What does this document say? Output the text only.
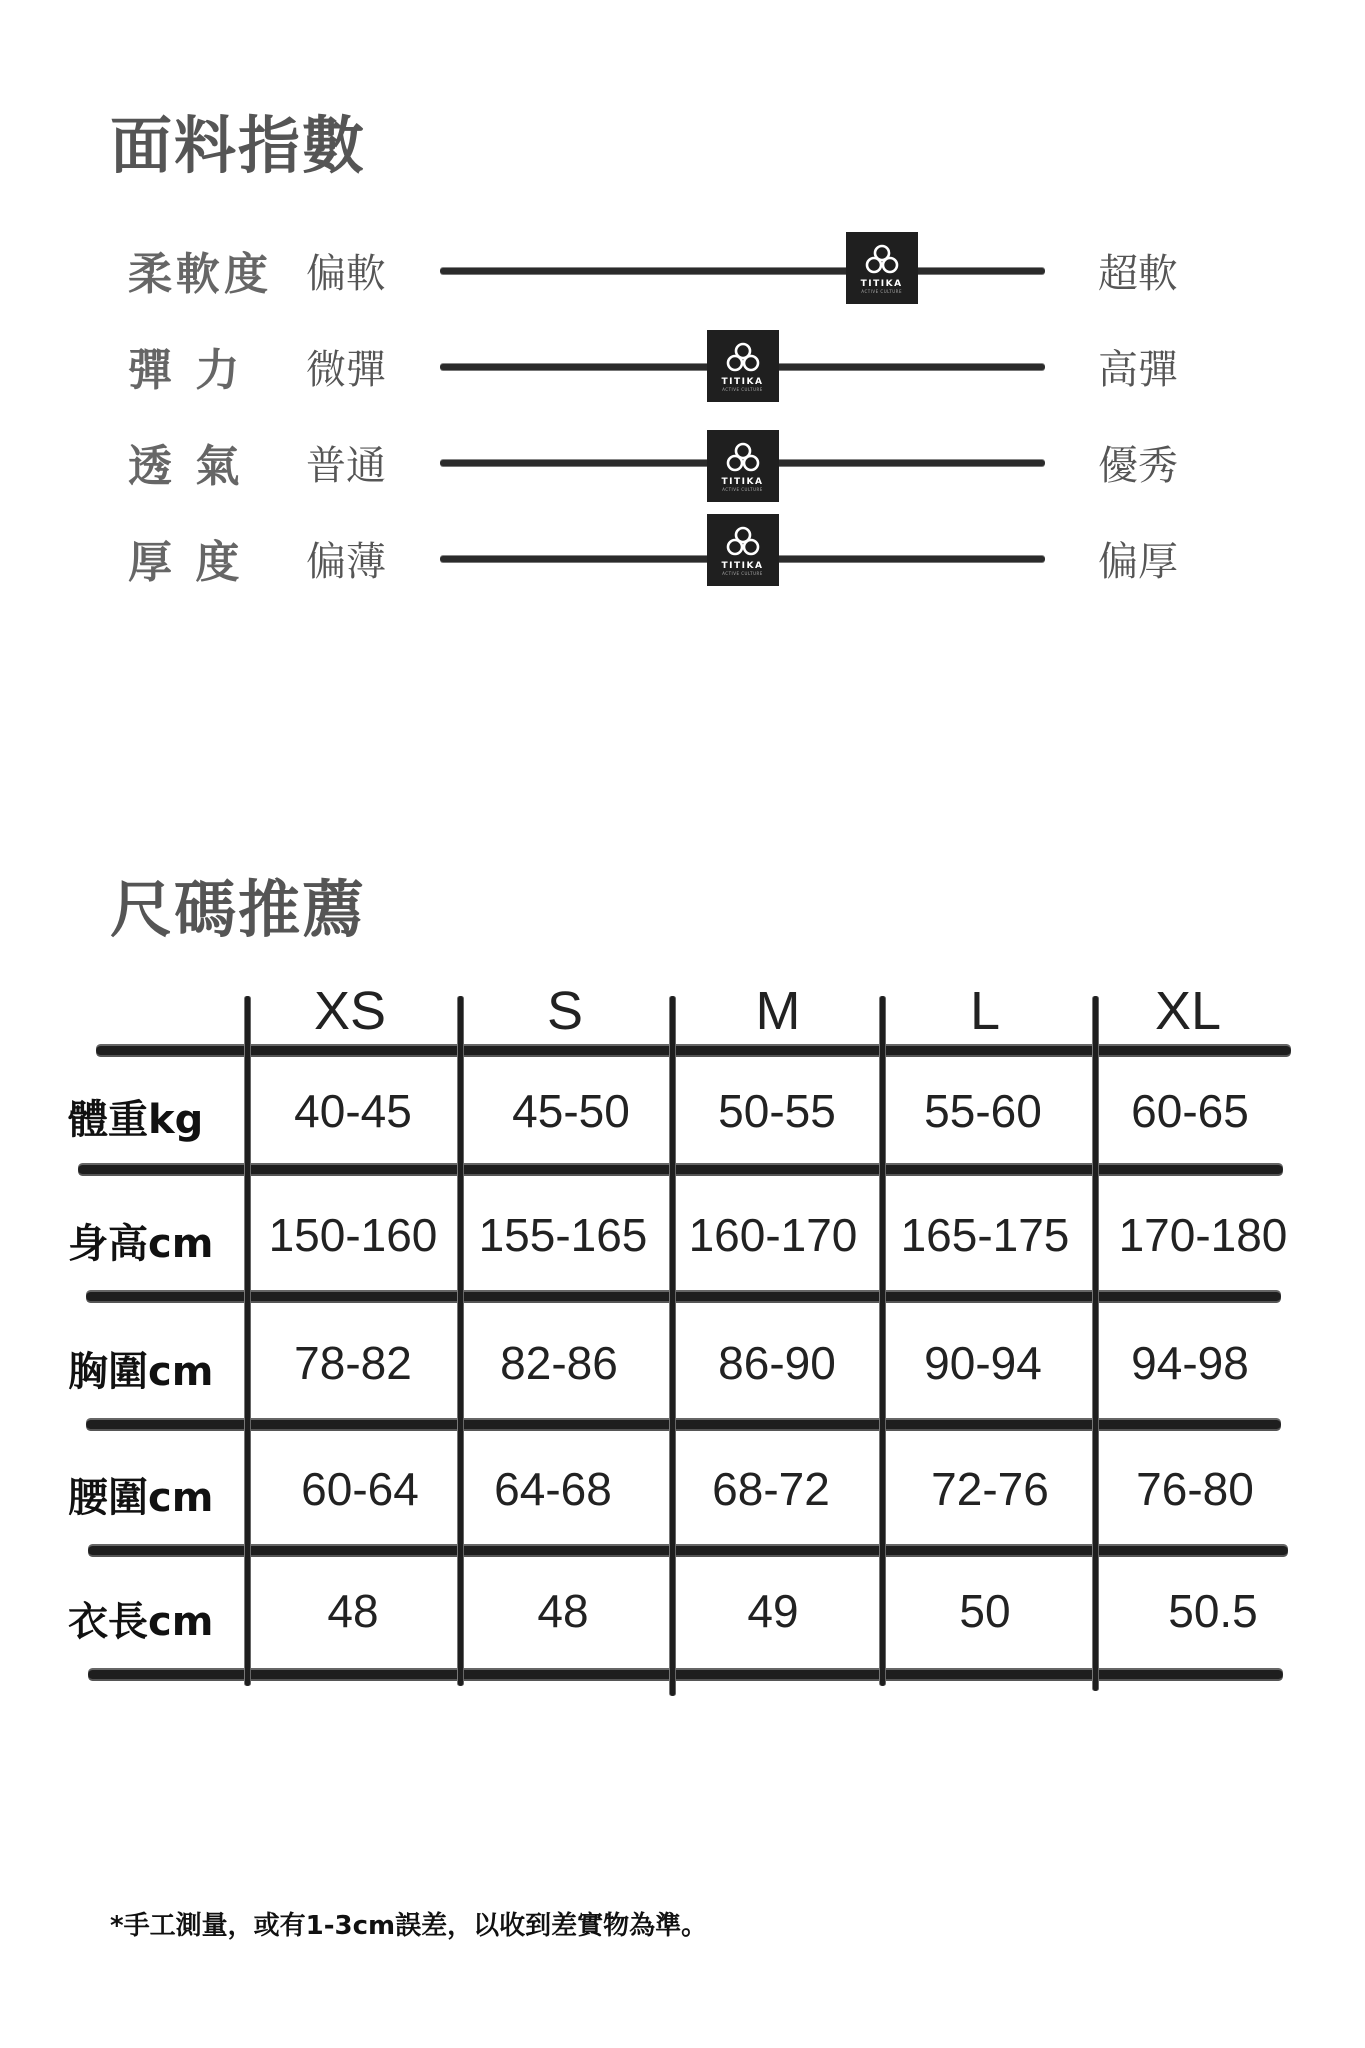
面料指數
柔軟度 偏軟	TITIKA
ACTIVE CULTURE	超軟
彈 力	微彈	TITIKA
ACTIVE CULTURE	高彈
透 氣	普通	TITIKA
ACTIVE CULTURE	優秀
厚 度	偏薄	TITIKA
ACTIVE CULTURE	偏厚
尺碼推薦
XS	S	M	L	XL
體重kg	40-45	45-50	50-55	55-60	60-65
身高cm	150-160 155-165 160-170 165-175	170-180
胸圍cm	78-82	82-86	86-90	90-94	94-98
腰圍cm	60-64	64-68	68-72	72-76	76-80
衣長cm	48	48	49	50	50.5
*手工測量，或有1-3cm誤差，以收到差實物為準。
